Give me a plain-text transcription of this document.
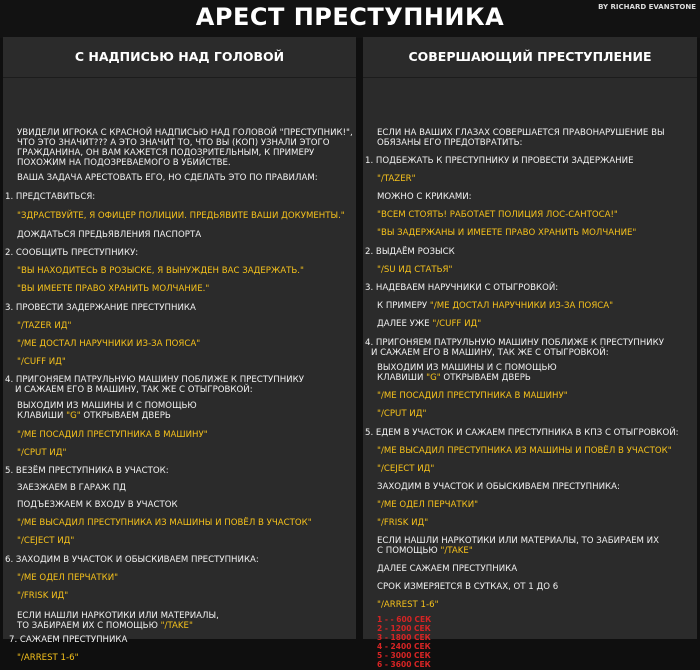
АРЕСТ ПРЕСТУПНИКА	BY RICHARD EVANSTONE
С НАДПИСЬЮ НАД ГОЛОВОЙ
УВИДЕЛИ ИГРОКА С КРАСНОЙ НАДПИСЬЮ НАД ГОЛОВОЙ "ПРЕСТУПНИК!",
ЧТО ЭТО ЗНАЧИТ??? А ЭТО ЗНАЧИТ ТО, ЧТО ВЫ (КОП) УЗНАЛИ ЭТОГО
ГРАЖДАНИНА, ОН ВАМ КАЖЕТСЯ ПОДОЗРИТЕЛЬНЫМ, К ПРИМЕРУ
ПОХОЖИМ НА ПОДОЗРЕВАЕМОГО В УБИЙСТВЕ.
ВАША ЗАДАЧА АРЕСТОВАТЬ ЕГО, НО СДЕЛАТЬ ЭТО ПО ПРАВИЛАМ:
1. ПРЕДСТАВИТЬСЯ:
"ЗДРАСТВУЙТЕ, Я ОФИЦЕР ПОЛИЦИИ. ПРЕДЬЯВИТЕ ВАШИ ДОКУМЕНТЫ."
ДОЖДАТЬСЯ ПРЕДЬЯВЛЕНИЯ ПАСПОРТА
2. СООБЩИТЬ ПРЕСТУПНИКУ:
"ВЫ НАХОДИТЕСЬ В РОЗЫСКЕ, Я ВЫНУЖДЕН ВАС ЗАДЕРЖАТЬ."
"ВЫ ИМЕЕТЕ ПРАВО ХРАНИТЬ МОЛЧАНИЕ."
3. ПРОВЕСТИ ЗАДЕРЖАНИЕ ПРЕСТУПНИКА
"/TAZER ИД"
"/МЕ ДОСТАЛ НАРУЧНИКИ ИЗ-ЗА ПОЯСА"
"/CUFF ИД"
4. ПРИГОНЯЕМ ПАТРУЛЬНУЮ МАШИНУ ПОБЛИЖЕ К ПРЕСТУПНИКУ
И САЖАЕМ ЕГО В МАШИНУ, ТАК ЖЕ С ОТЫГРОВКОЙ:
ВЫХОДИМ ИЗ МАШИНЫ И С ПОМОЩЬЮ
КЛАВИШИ "G" ОТКРЫВАЕМ ДВЕРЬ
"/МЕ ПОСАДИЛ ПРЕСТУПНИКА В МАШИНУ"
"/CPUT ИД"
5. ВЕЗЁМ ПРЕСТУПНИКА В УЧАСТОК:
ЗАЕЗЖАЕМ В ГАРАЖ ПД
ПОДЪЕЗЖАЕМ К ВХОДУ В УЧАСТОК
"/МЕ ВЫСАДИЛ ПРЕСТУПНИКА ИЗ МАШИНЫ И ПОВЁЛ В УЧАСТОК"
"/CEJECT ИД"
6. ЗАХОДИМ В УЧАСТОК И ОБЫСКИВАЕМ ПРЕСТУПНИКА:
"/МЕ ОДЕЛ ПЕРЧАТКИ"
"/FRISK ИД"
ЕСЛИ НАШЛИ НАРКОТИКИ ИЛИ МАТЕРИАЛЫ,
ТО ЗАБИРАЕМ ИХ С ПОМОЩЬЮ "/TAKE"
7. САЖАЕМ ПРЕСТУПНИКА
"/ARREST 1-6"
СОВЕРШАЮЩИЙ ПРЕСТУПЛЕНИЕ
ЕСЛИ НА ВАШИХ ГЛАЗАХ СОВЕРШАЕТСЯ ПРАВОНАРУШЕНИЕ ВЫ
ОБЯЗАНЫ ЕГО ПРЕДОТВРАТИТЬ:
1. ПОДБЕЖАТЬ К ПРЕСТУПНИКУ И ПРОВЕСТИ ЗАДЕРЖАНИЕ
"/TAZER"
МОЖНО С КРИКАМИ:
"ВСЕМ СТОЯТЬ! РАБОТАЕТ ПОЛИЦИЯ ЛОС-САНТОСА!"
"ВЫ ЗАДЕРЖАНЫ И ИМЕЕТЕ ПРАВО ХРАНИТЬ МОЛЧАНИЕ"
2. ВЫДАЁМ РОЗЫСК
"/SU ИД СТАТЬЯ"
3. НАДЕВАЕМ НАРУЧНИКИ С ОТЫГРОВКОЙ:
К ПРИМЕРУ "/МЕ ДОСТАЛ НАРУЧНИКИ ИЗ-ЗА ПОЯСА"
ДАЛЕЕ УЖЕ "/CUFF ИД"
4. ПРИГОНЯЕМ ПАТРУЛЬНУЮ МАШИНУ ПОБЛИЖЕ К ПРЕСТУПНИКУ
И САЖАЕМ ЕГО В МАШИНУ, ТАК ЖЕ С ОТЫГРОВКОЙ:
ВЫХОДИМ ИЗ МАШИНЫ И С ПОМОЩЬЮ
КЛАВИШИ "G" ОТКРЫВАЕМ ДВЕРЬ
"/МЕ ПОСАДИЛ ПРЕСТУПНИКА В МАШИНУ"
"/CPUT ИД"
5. ЕДЕМ В УЧАСТОК И САЖАЕМ ПРЕСТУПНИКА В КПЗ С ОТЫГРОВКОЙ:
"/МЕ ВЫСАДИЛ ПРЕСТУПНИКА ИЗ МАШИНЫ И ПОВЁЛ В УЧАСТОК"
"/CEJECT ИД"
ЗАХОДИМ В УЧАСТОК И ОБЫСКИВАЕМ ПРЕСТУПНИКА:
"/МЕ ОДЕЛ ПЕРЧАТКИ"
"/FRISK ИД"
ЕСЛИ НАШЛИ НАРКОТИКИ ИЛИ МАТЕРИАЛЫ, ТО ЗАБИРАЕМ ИХ
С ПОМОЩЬЮ "/TAKE"
ДАЛЕЕ САЖАЕМ ПРЕСТУПНИКА
СРОК ИЗМЕРЯЕТСЯ В СУТКАХ, ОТ 1 ДО 6
"/ARREST 1-6"
1 - - 600 СЕК
2 - 1200 СЕК
3 - 1800 СЕК
4 - 2400 СЕК
5 - 3000 СЕК
6 - 3600 СЕК
